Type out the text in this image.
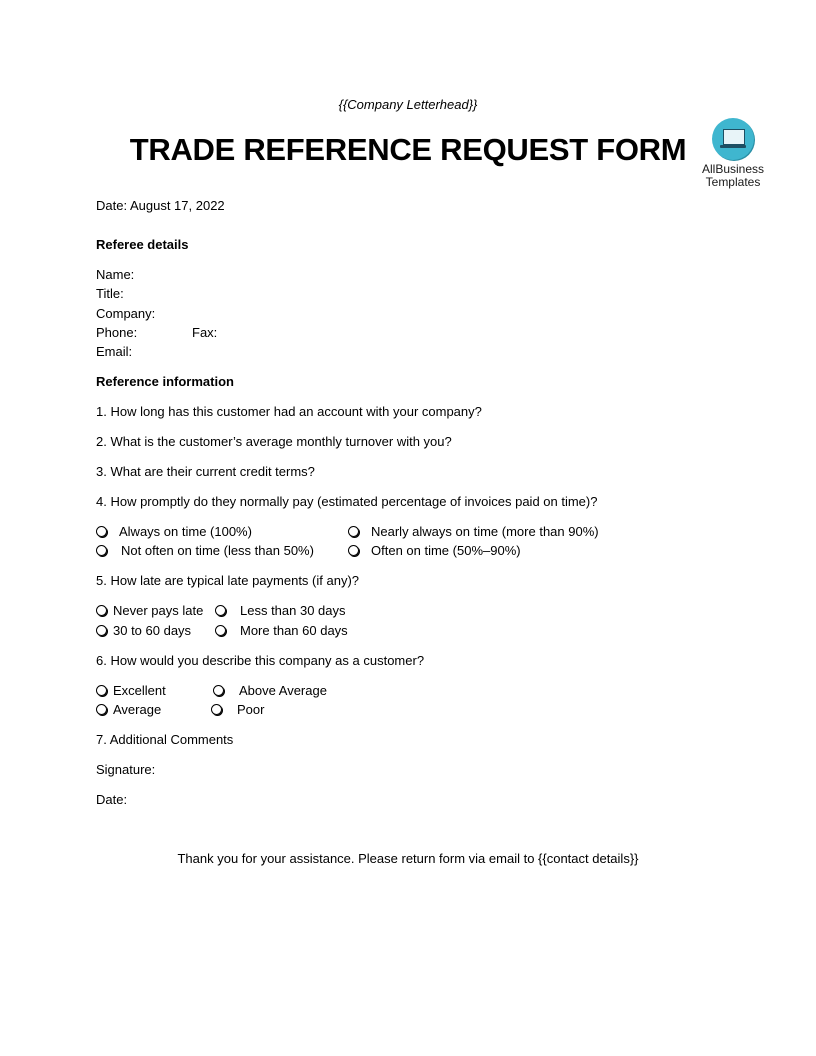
{{Company Letterhead}}
TRADE REFERENCE REQUEST FORM
AllBusiness
Templates
Date: August 17, 2022
Referee details
Name:
Title:
Company:
Phone:	Fax:
Email:
Reference information
1. How long has this customer had an account with your company?
2. What is the customer’s average monthly turnover with you?
3. What are their current credit terms?
4. How promptly do they normally pay (estimated percentage of invoices paid on time)?
Always on time (100%)	Nearly always on time (more than 90%)
Not often on time (less than 50%)	Often on time (50%–90%)
5. How late are typical late payments (if any)?
Never pays late	Less than 30 days
30 to 60 days	More than 60 days
6. How would you describe this company as a customer?
Excellent	Above Average
Average	Poor
7. Additional Comments
Signature:
Date:
Thank you for your assistance. Please return form via email to {{contact details}}
